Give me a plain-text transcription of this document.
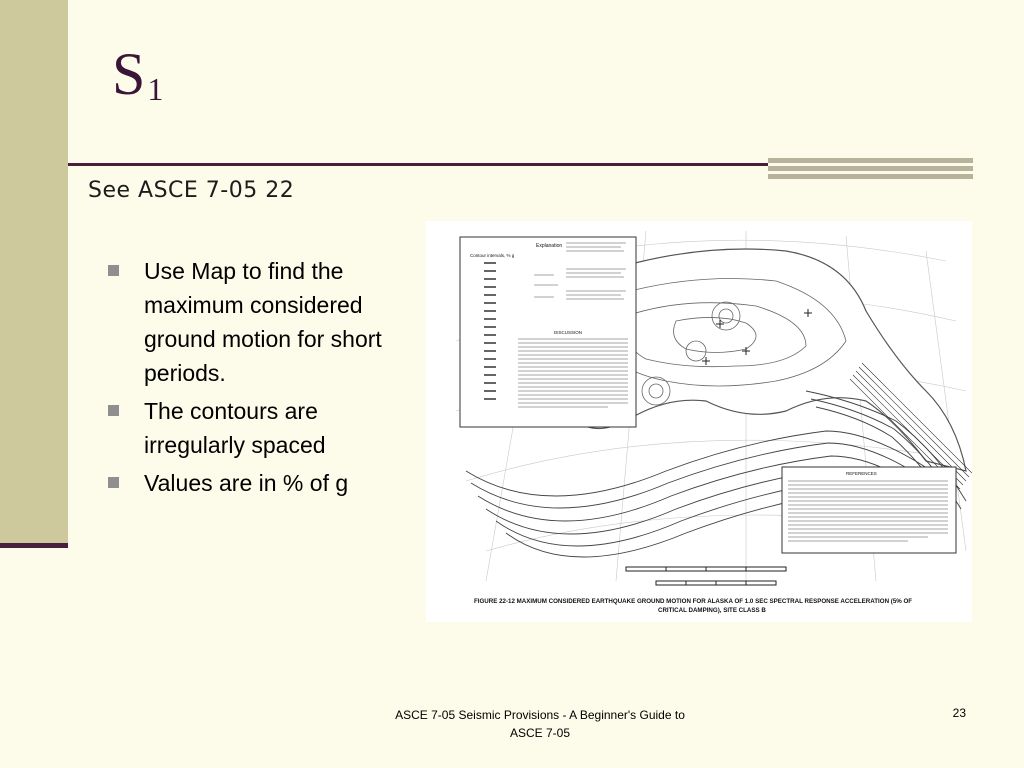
S1
See ASCE 7-05 22
Use Map to find the maximum considered ground motion for short periods.
The contours are irregularly spaced
Values are in % of g
Explanation
Contour intervals, % g
DISCUSSION
REFERENCES
FIGURE 22-12 MAXIMUM CONSIDERED EARTHQUAKE GROUND MOTION FOR ALASKA OF 1.0 SEC SPECTRAL RESPONSE ACCELERATION (5% OF
CRITICAL DAMPING), SITE CLASS B
ASCE 7-05 Seismic Provisions - A Beginner's Guide to ASCE 7-05
23
